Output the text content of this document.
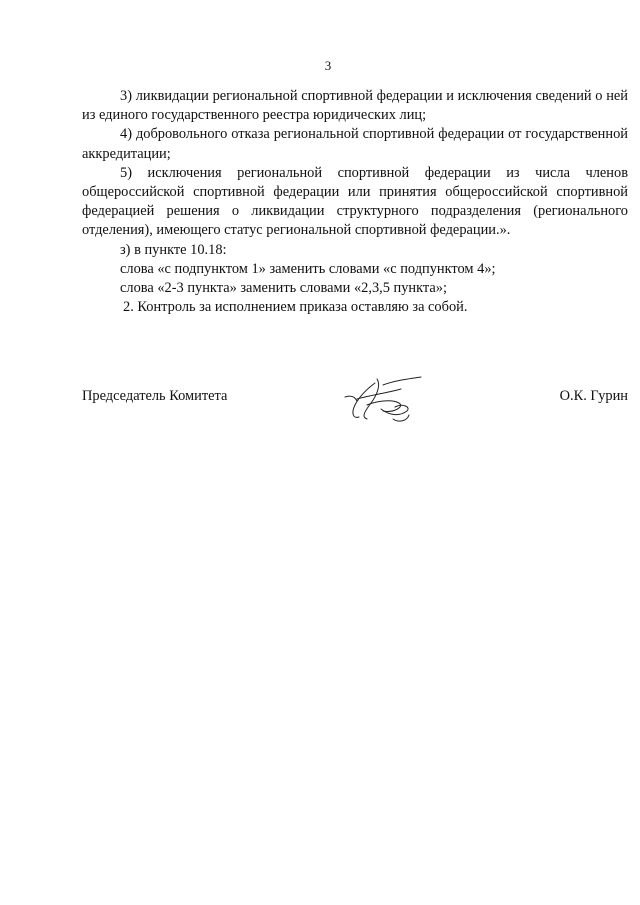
3

3) ликвидации региональной спортивной федерации и исключения сведений о ней из единого государственного реестра юридических лиц;

4) добровольного отказа региональной спортивной федерации от государственной аккредитации;

5) исключения региональной спортивной федерации из числа членов общероссийской спортивной федерации или принятия общероссийской спортивной федерацией решения о ликвидации структурного подразделения (регионального отделения), имеющего статус региональной спортивной федерации.».

з) в пункте 10.18:

слова «с подпунктом 1» заменить словами «с подпунктом 4»;

слова «2-3 пункта» заменить словами «2,3,5 пункта»;

2. Контроль за исполнением приказа оставляю за собой.

Председатель Комитета	О.К. Гурин
